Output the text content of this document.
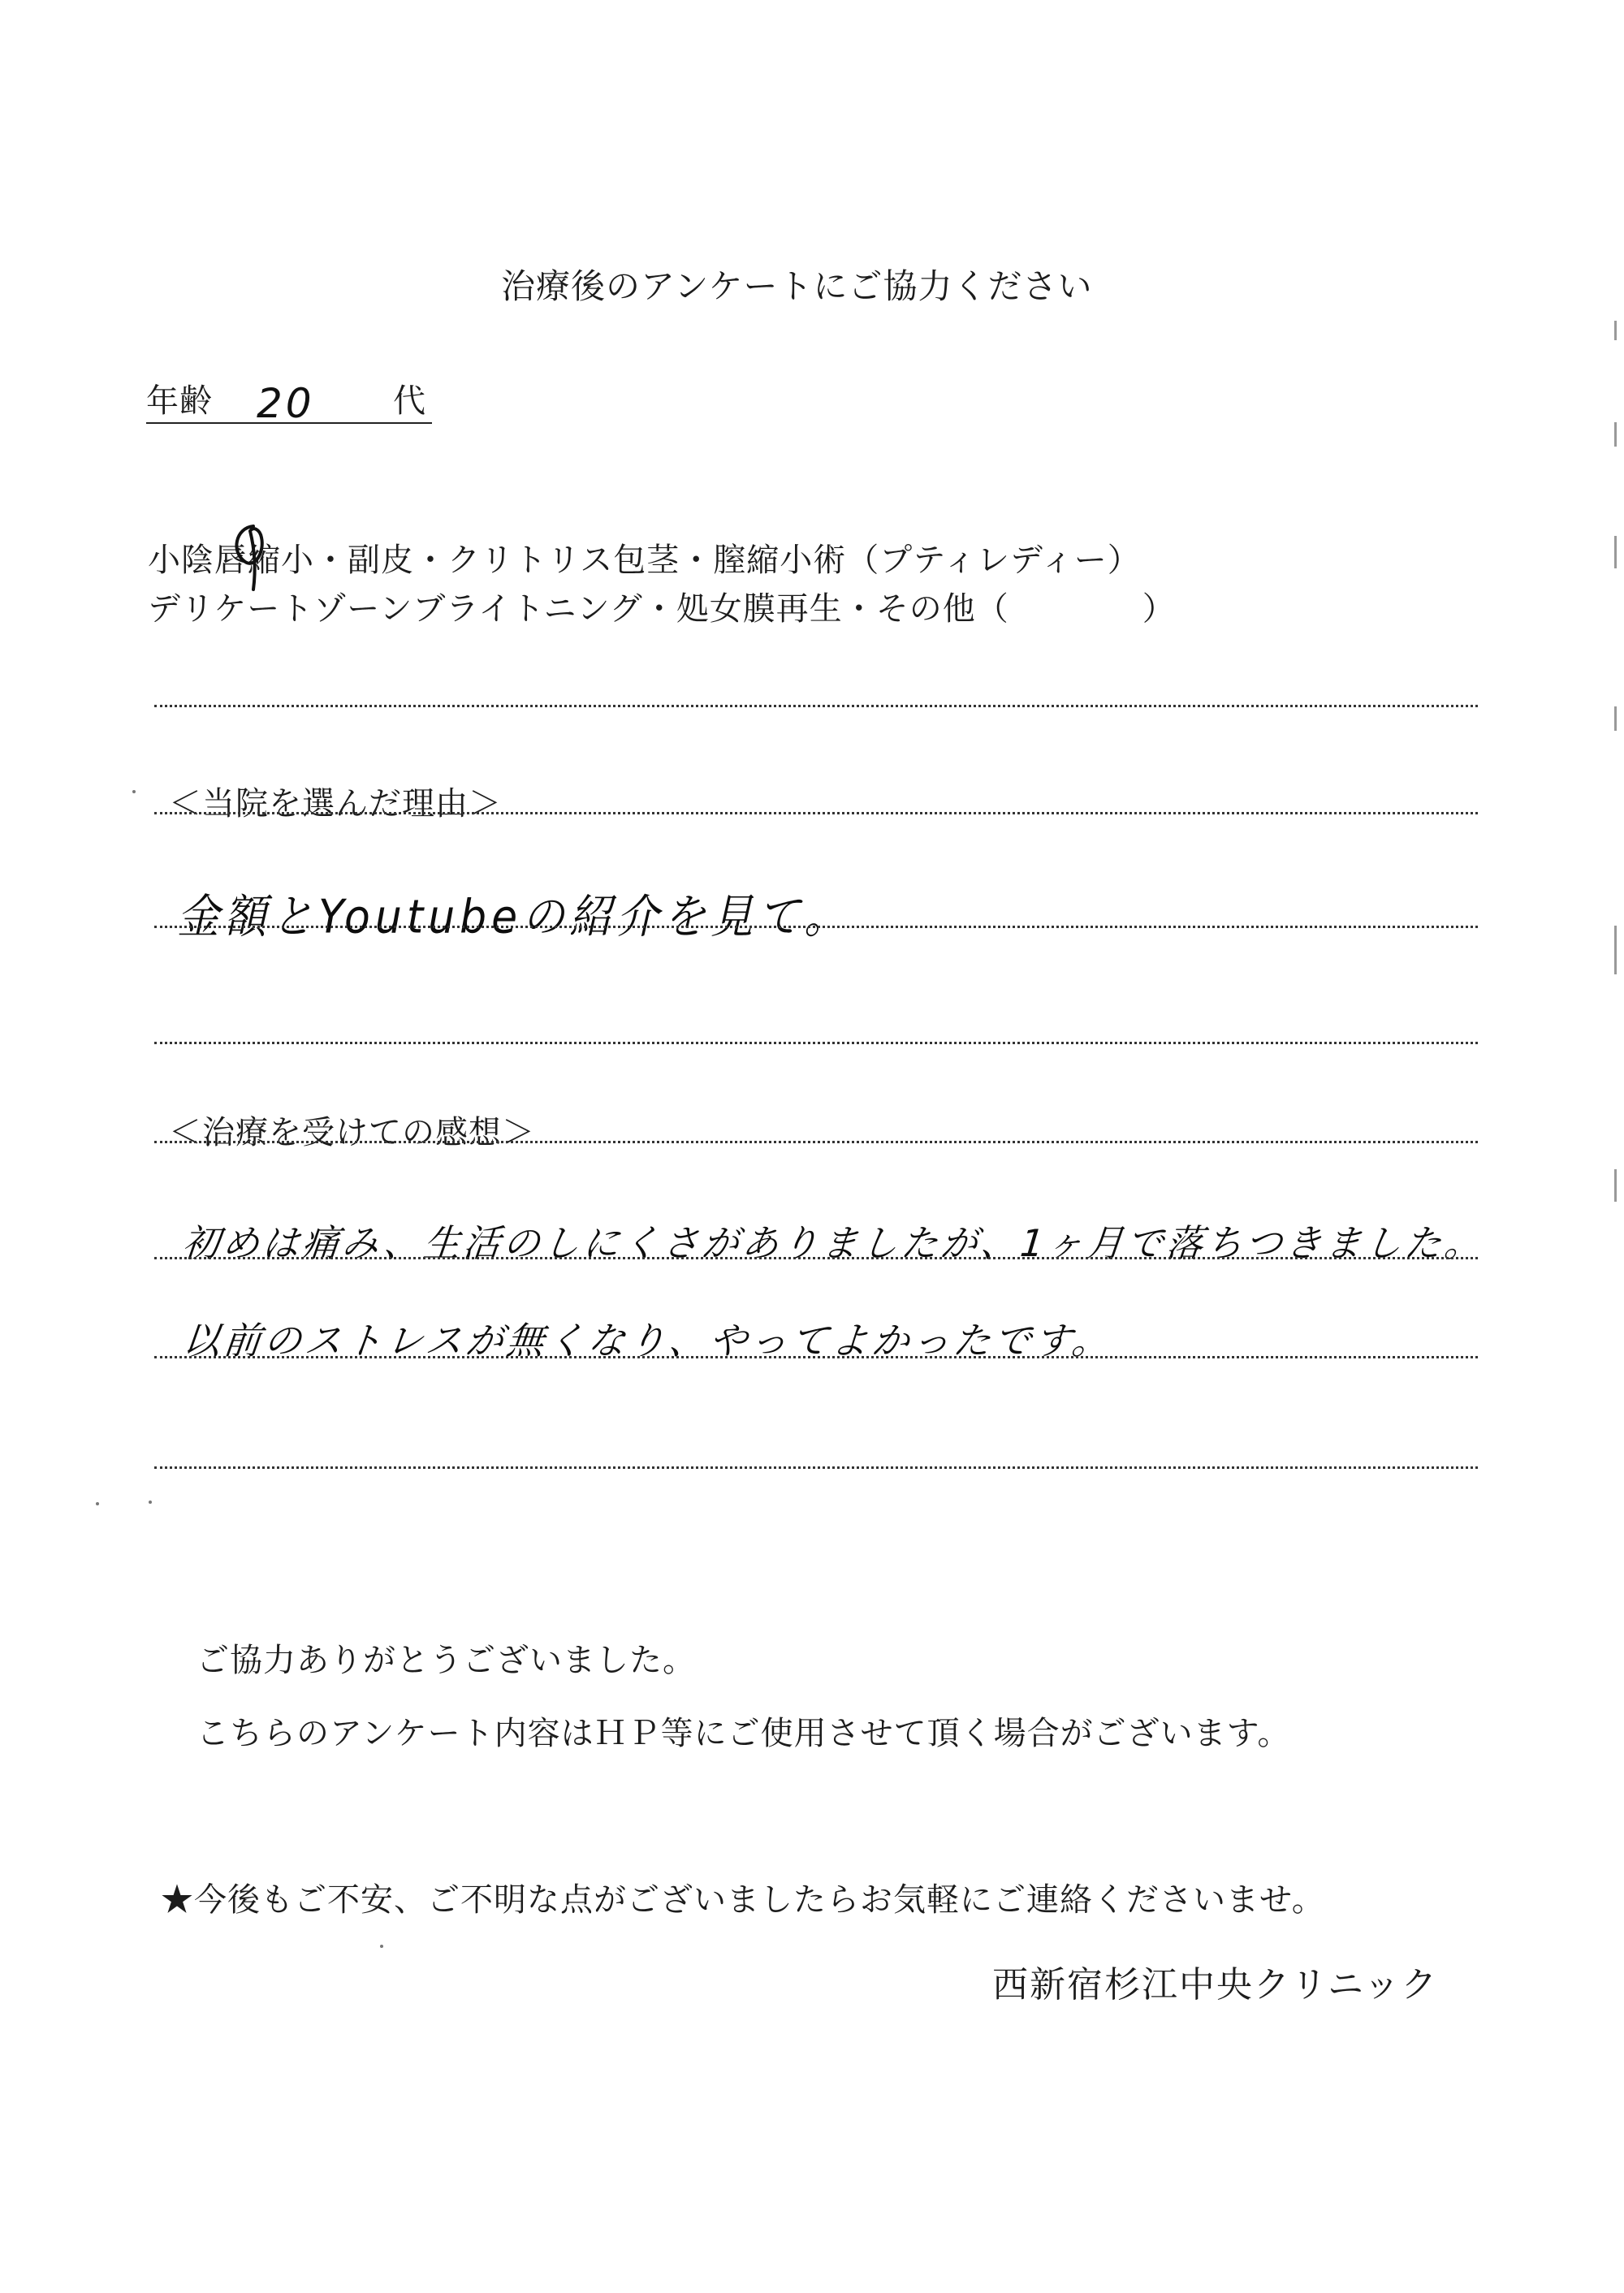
治療後のアンケートにご協力ください
年齢 20 代
小陰唇縮小・副皮・クリトリス包茎・膣縮小術（プティレディー）
デリケートゾーンブライトニング・処女膜再生・その他（　　　　）
＜当院を選んだ理由＞
金額とYoutubeの紹介を見て。
＜治療を受けての感想＞
初めは痛み、生活のしにくさがありましたが、1ヶ月で落ちつきました。
以前のストレスが無くなり、やってよかったです。
ご協力ありがとうございました。
こちらのアンケート内容はＨＰ等にご使用させて頂く場合がございます。
★今後もご不安、ご不明な点がございましたらお気軽にご連絡くださいませ。
西新宿杉江中央クリニック
